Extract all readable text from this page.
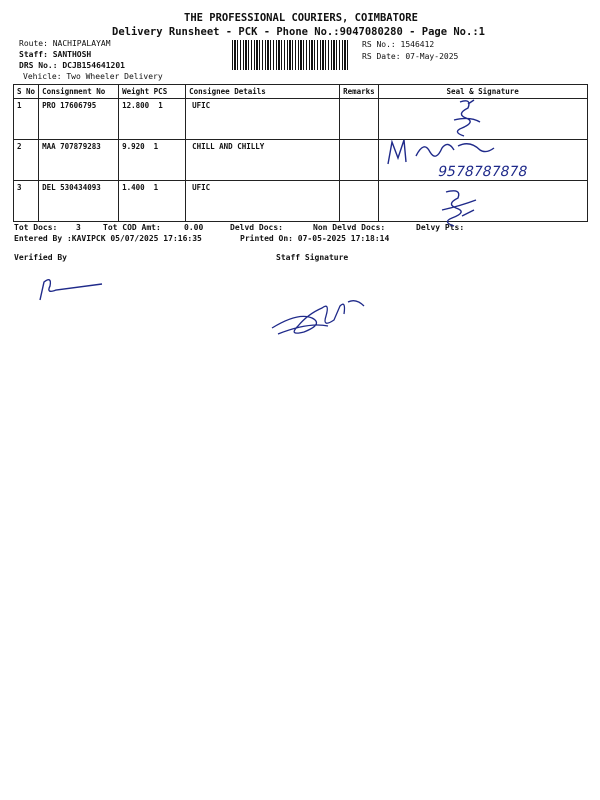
THE PROFESSIONAL COURIERS, COIMBATORE
Delivery Runsheet - PCK - Phone No.:9047080280 - Page No.:1
Route: NACHIPALAYAM
Staff: SANTHOSH
DRS No.: DCJB154641201
Vehicle: Two Wheeler Delivery
RS No.: 1546412
RS Date: 07-May-2025
S No	Consignment No	Weight PCS	Consignee Details	Remarks	Seal & Signature
1	PRO 17606795	12.800 1	UFIC		
2	MAA 707879283	9.920 1	CHILL AND CHILLY		
3	DEL 530434093	1.400 1	UFIC		
Tot Docs: 3	Tot COD Amt:	0.00	Delvd Docs:	Non Delvd Docs:	Delvy Pts:
Entered By :KAVIPCK 05/07/2025 17:16:35	Printed On: 07-05-2025 17:18:14
Verified By	Staff Signature
9578787878
